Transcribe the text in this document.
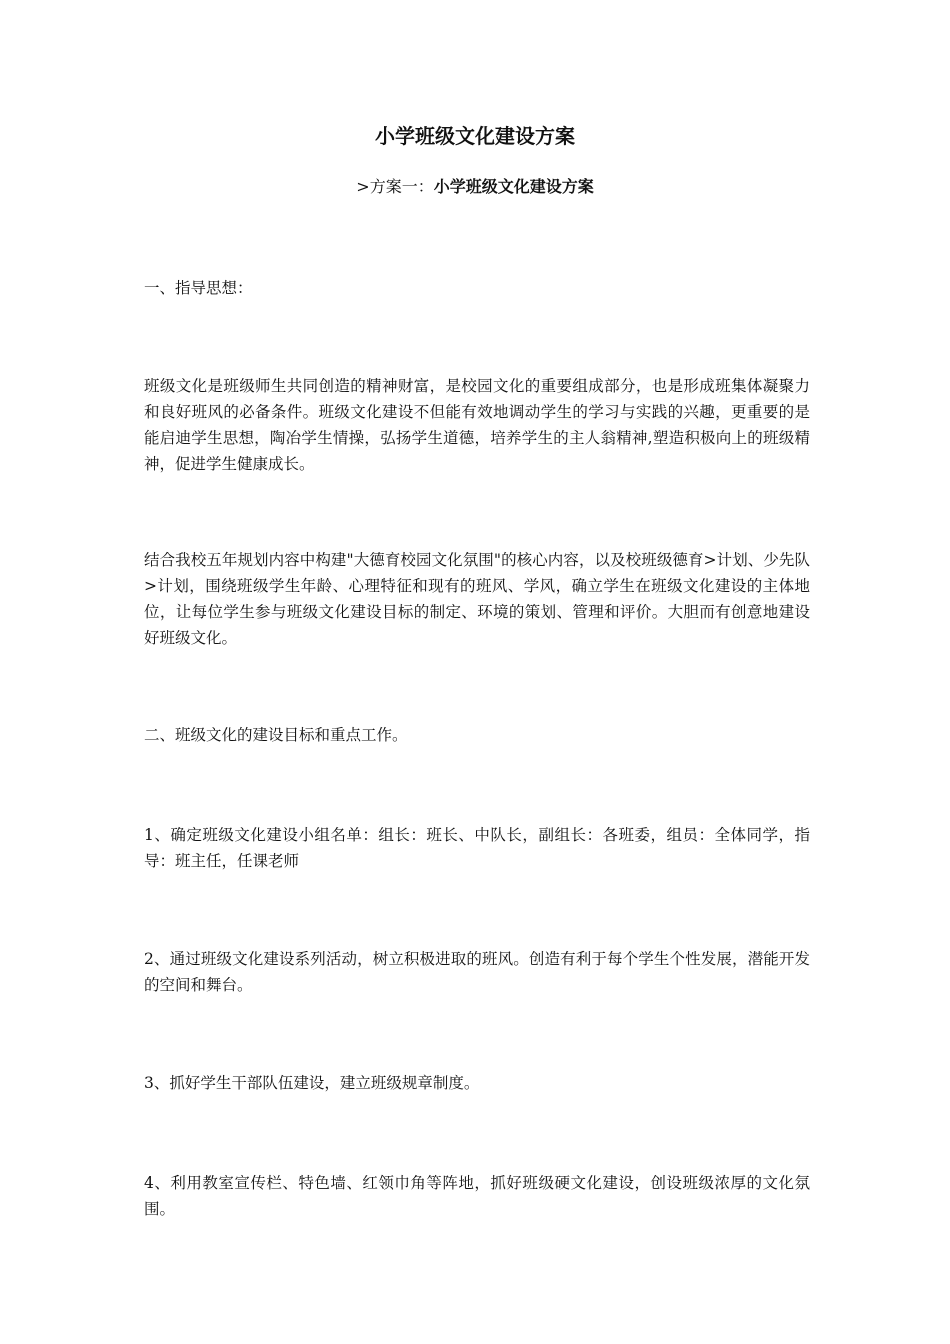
小学班级文化建设方案

>方案一：小学班级文化建设方案

一、指导思想：

班级文化是班级师生共同创造的精神财富，是校园文化的重要组成部分，也是形成班集体凝聚力和良好班风的必备条件。班级文化建设不但能有效地调动学生的学习与实践的兴趣，更重要的是能启迪学生思想，陶冶学生情操，弘扬学生道德，培养学生的主人翁精神,塑造积极向上的班级精神，促进学生健康成长。

结合我校五年规划内容中构建"大德育校园文化氛围"的核心内容，以及校班级德育>计划、少先队>计划，围绕班级学生年龄、心理特征和现有的班风、学风，确立学生在班级文化建设的主体地位，让每位学生参与班级文化建设目标的制定、环境的策划、管理和评价。大胆而有创意地建设好班级文化。

二、班级文化的建设目标和重点工作。

1、确定班级文化建设小组名单：组长：班长、中队长，副组长：各班委，组员：全体同学，指导：班主任，任课老师

2、通过班级文化建设系列活动，树立积极进取的班风。创造有利于每个学生个性发展，潜能开发的空间和舞台。

3、抓好学生干部队伍建设，建立班级规章制度。

4、利用教室宣传栏、特色墙、红领巾角等阵地，抓好班级硬文化建设，创设班级浓厚的文化氛围。
